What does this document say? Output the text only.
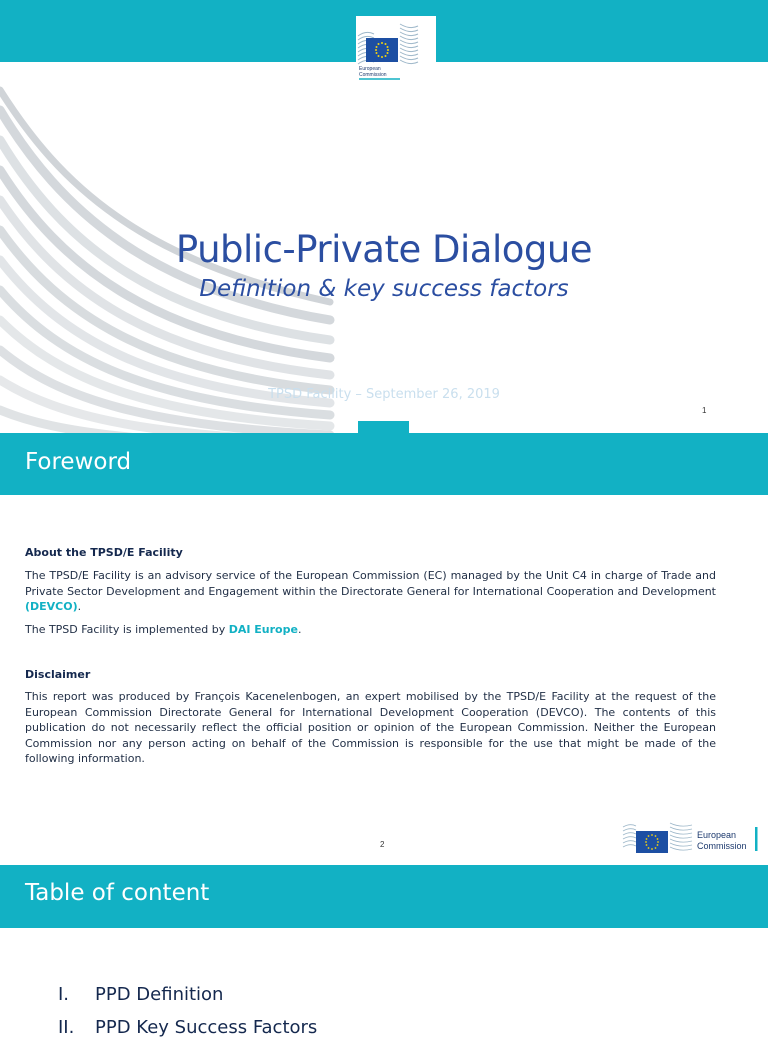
European
Commission
Public-Private Dialogue
Definition & key success factors
TPSD Facility – September 26, 2019
1
Foreword
About the TPSD/E Facility
The TPSD/E Facility is an advisory service of the European Commission (EC) managed by the Unit C4 in charge of Trade and Private Sector Development and Engagement within the Directorate General for International Cooperation and Development (DEVCO).
The TPSD Facility is implemented by DAI Europe.
Disclaimer
This report was produced by François Kacenelenbogen, an expert mobilised by the TPSD/E Facility at the request of the European Commission Directorate General for International Development Cooperation (DEVCO). The contents of this publication do not necessarily reflect the official position or opinion of the European Commission. Neither the European Commission nor any person acting on behalf of the Commission is responsible for the use that might be made of the following information.
2
European
Commission
Table of content
I. PPD Definition
II. PPD Key Success Factors
